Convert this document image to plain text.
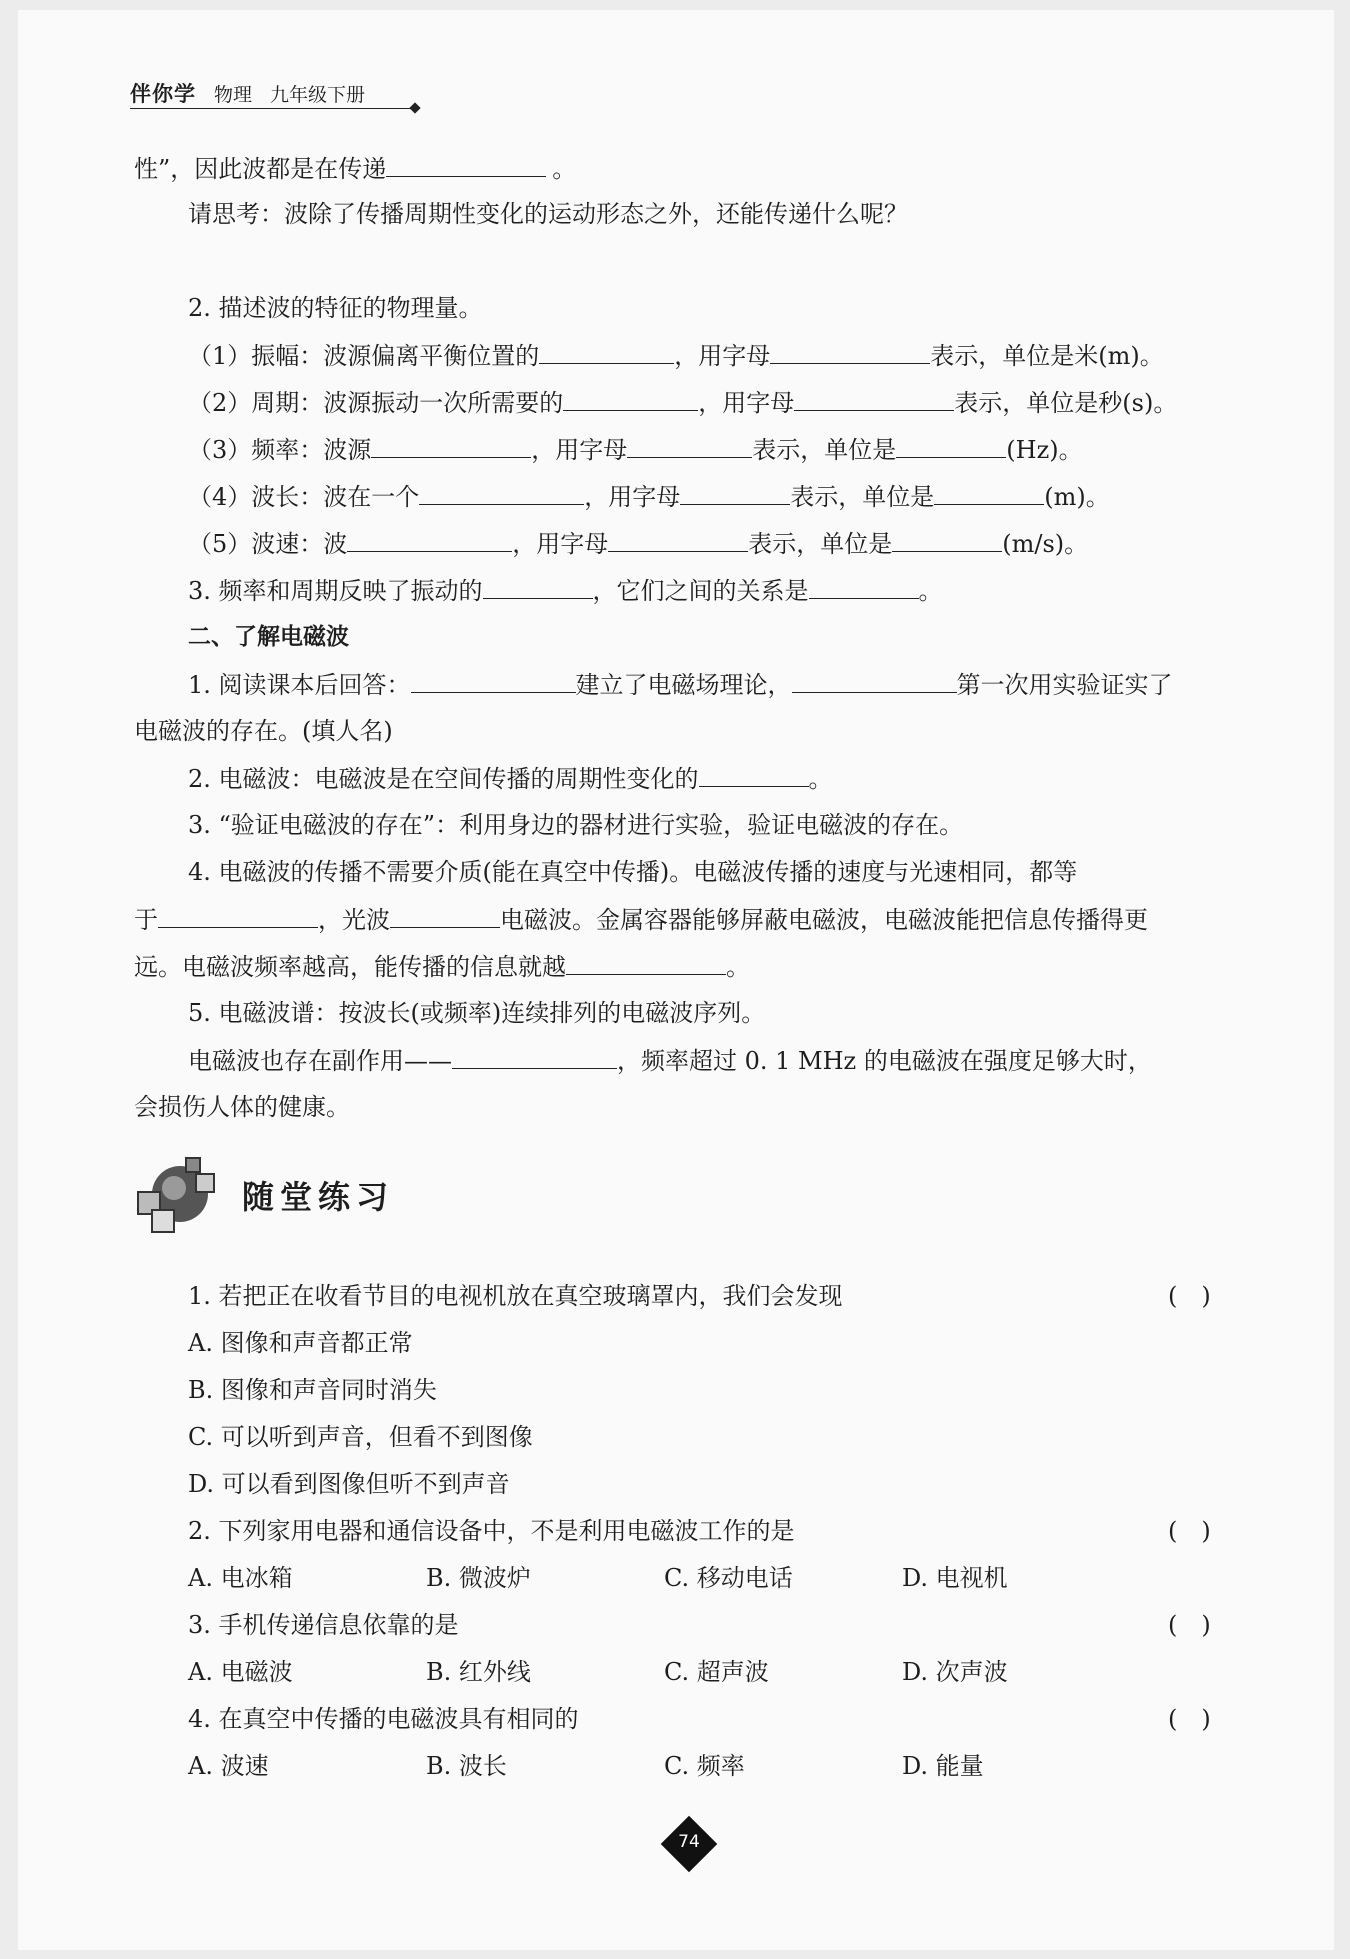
伴你学 物理 九年级下册
性”，因此波都是在传递	。
请思考：波除了传播周期性变化的运动形态之外，还能传递什么呢？
2. 描述波的特征的物理量。
（1）振幅：波源偏离平衡位置的	，用字母	表示，单位是米(m)。
（2）周期：波源振动一次所需要的	，用字母	表示，单位是秒(s)。
（3）频率：波源	，用字母	表示，单位是	(Hz)。
（4）波长：波在一个	，用字母	表示，单位是	(m)。
（5）波速：波	，用字母	表示，单位是	(m/s)。
3. 频率和周期反映了振动的	，它们之间的关系是	。
二、了解电磁波
1. 阅读课本后回答：	建立了电磁场理论，	第一次用实验证实了
电磁波的存在。(填人名)
2. 电磁波：电磁波是在空间传播的周期性变化的	。
3. “验证电磁波的存在”：利用身边的器材进行实验，验证电磁波的存在。
4. 电磁波的传播不需要介质(能在真空中传播)。电磁波传播的速度与光速相同，都等
于	，光波	电磁波。金属容器能够屏蔽电磁波，电磁波能把信息传播得更
远。电磁波频率越高，能传播的信息就越	。
5. 电磁波谱：按波长(或频率)连续排列的电磁波序列。
电磁波也存在副作用——	，频率超过 0. 1 MHz 的电磁波在强度足够大时，
会损伤人体的健康。
随堂练习
1. 若把正在收看节目的电视机放在真空玻璃罩内，我们会发现	(　)
A. 图像和声音都正常
B. 图像和声音同时消失
C. 可以听到声音，但看不到图像
D. 可以看到图像但听不到声音
2. 下列家用电器和通信设备中，不是利用电磁波工作的是	(　)
A. 电冰箱	B. 微波炉	C. 移动电话	D. 电视机
3. 手机传递信息依靠的是	(　)
A. 电磁波	B. 红外线	C. 超声波	D. 次声波
4. 在真空中传播的电磁波具有相同的	(　)
A. 波速	B. 波长	C. 频率	D. 能量
74
